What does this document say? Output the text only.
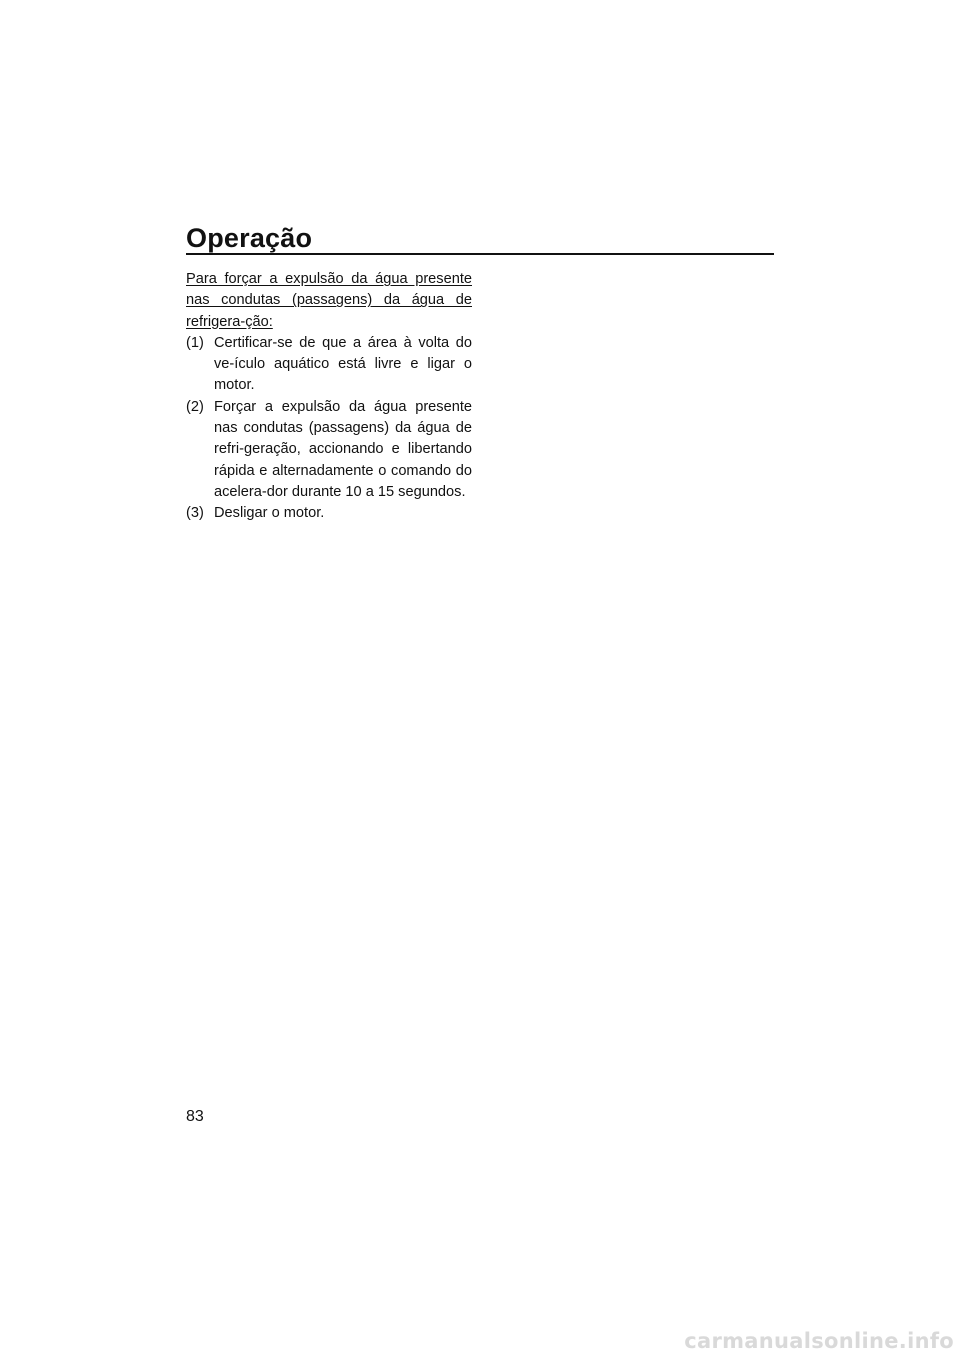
Operação

Para forçar a expulsão da água presente nas condutas (passagens) da água de refrigera-ção:

(1) Certificar-se de que a área à volta do ve-ículo aquático está livre e ligar o motor.
(2) Forçar a expulsão da água presente nas condutas (passagens) da água de refri-geração, accionando e libertando rápida e alternadamente o comando do acelera-dor durante 10 a 15 segundos.
(3) Desligar o motor.
83
carmanualsonline.info
